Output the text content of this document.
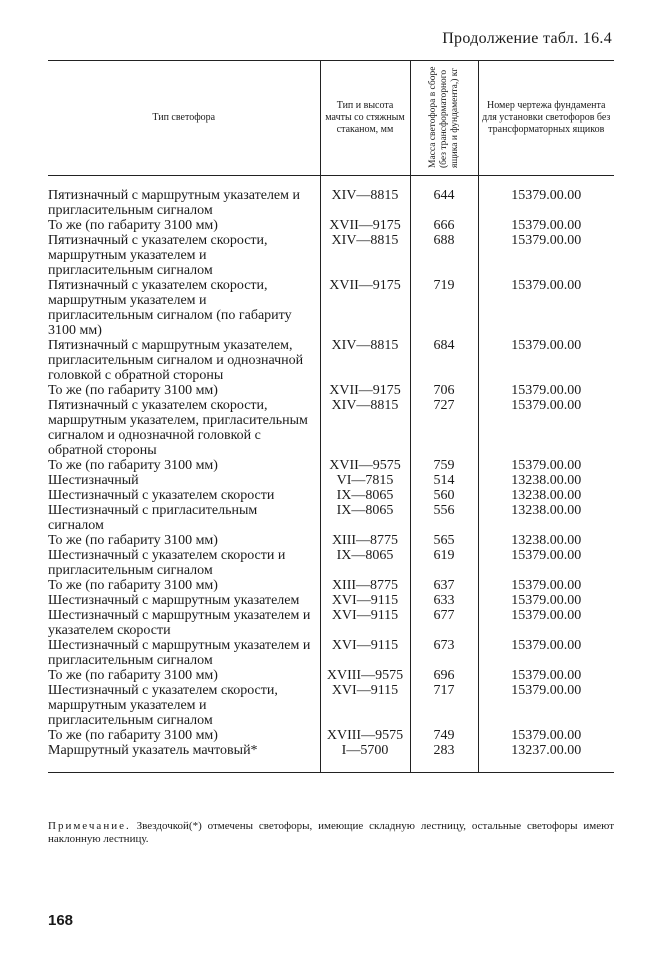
Продолжение табл. 16.4
Тип светофора	Тип и высота мачты со стяжным стаканом, мм	Масса светофора в сборе (без трансформаторного ящика и фундамента,) кг	Номер чертежа фундамента для установки светофоров без трансформаторных ящиков
Пятизначный с маршрутным указателем и пригласительным сигналом	XIV—8815	644	15379.00.00
То же (по габариту 3100 мм)	XVII—9175	666	15379.00.00
Пятизначный с указателем скорости, маршрутным указателем и пригласительным сигналом	XIV—8815	688	15379.00.00
Пятизначный с указателем скорости, маршрутным указателем и пригласительным сигналом (по габариту 3100 мм)	XVII—9175	719	15379.00.00
Пятизначный с маршрутным указателем, пригласительным сигналом и однозначной головкой с обратной стороны	XIV—8815	684	15379.00.00
То же (по габариту 3100 мм)	XVII—9175	706	15379.00.00
Пятизначный с указателем скорости, маршрутным указателем, пригласительным сигналом и однозначной головкой с обратной стороны	XIV—8815	727	15379.00.00
То же (по габариту 3100 мм)	XVII—9575	759	15379.00.00
Шестизначный	VI—7815	514	13238.00.00
Шестизначный с указателем скорости	IX—8065	560	13238.00.00
Шестизначный с пригласительным сигналом	IX—8065	556	13238.00.00
То же (по габариту 3100 мм)	XIII—8775	565	13238.00.00
Шестизначный с указателем скорости и пригласительным сигналом	IX—8065	619	15379.00.00
То же (по габариту 3100 мм)	XIII—8775	637	15379.00.00
Шестизначный с маршрутным указателем	XVI—9115	633	15379.00.00
Шестизначный с маршрутным указателем и указателем скорости	XVI—9115	677	15379.00.00
Шестизначный с маршрутным указателем и пригласительным сигналом	XVI—9115	673	15379.00.00
То же (по габариту 3100 мм)	XVIII—9575	696	15379.00.00
Шестизначный с указателем скорости, маршрутным указателем и пригласительным сигналом	XVI—9115	717	15379.00.00
То же (по габариту 3100 мм)	XVIII—9575	749	15379.00.00
Маршрутный указатель мачтовый*	I—5700	283	13237.00.00
Примечание. Звездочкой(*) отмечены светофоры, имеющие складную лестницу, остальные светофоры имеют наклонную лестницу.
168
